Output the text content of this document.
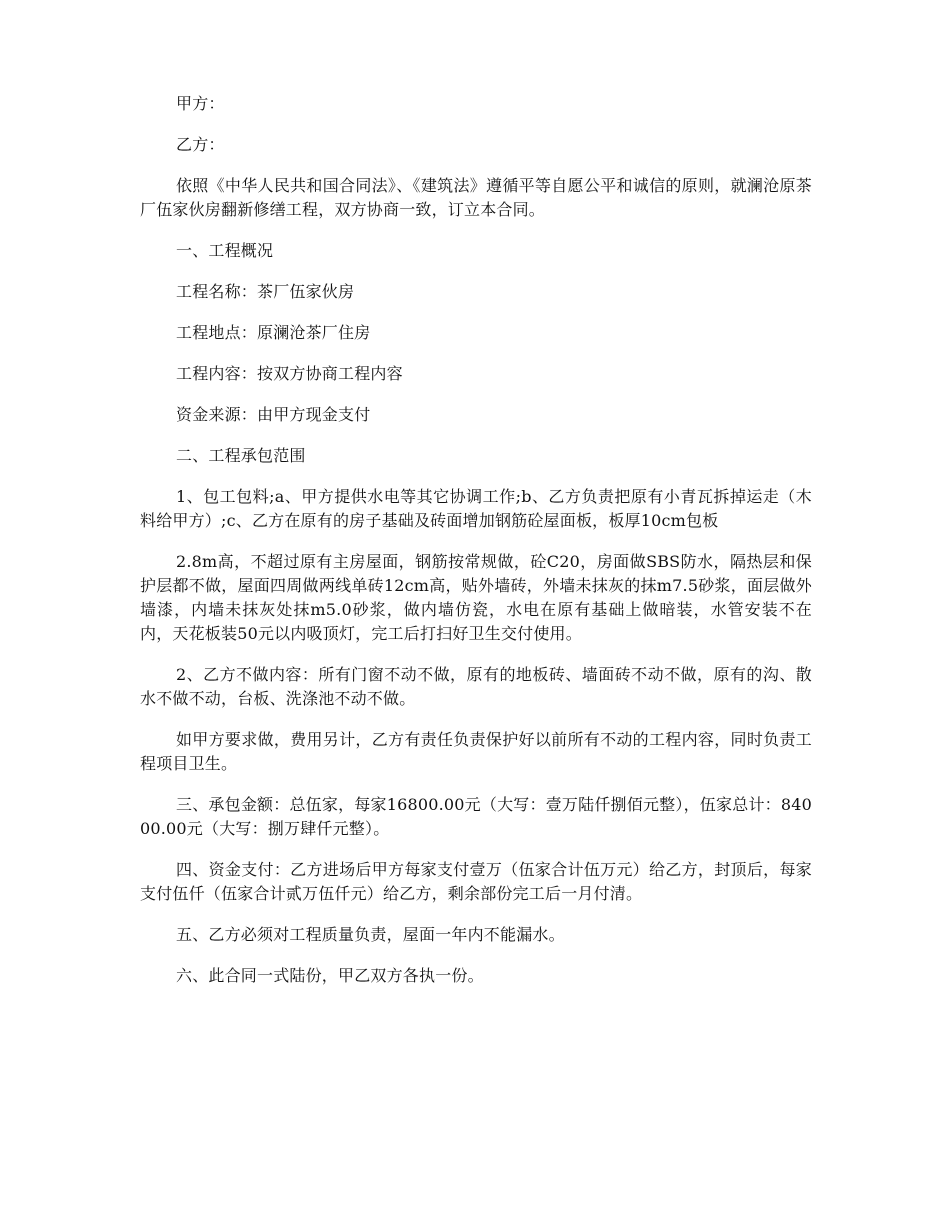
甲方：

乙方：

依照《中华人民共和国合同法》、《建筑法》遵循平等自愿公平和诚信的原则，就澜沧原茶厂伍家伙房翻新修缮工程，双方协商一致，订立本合同。

一、工程概况

工程名称：茶厂伍家伙房

工程地点：原澜沧茶厂住房

工程内容：按双方协商工程内容

资金来源：由甲方现金支付

二、工程承包范围

1、包工包料;a、甲方提供水电等其它协调工作;b、乙方负责把原有小青瓦拆掉运走（木料给甲方）;c、乙方在原有的房子基础及砖面增加钢筋砼屋面板，板厚10cm包板

2.8m高，不超过原有主房屋面，钢筋按常规做，砼C20，房面做SBS防水，隔热层和保护层都不做，屋面四周做两线单砖12cm高，贴外墙砖，外墙未抹灰的抹m7.5砂浆，面层做外墙漆，内墙未抹灰处抹m5.0砂浆，做内墙仿瓷，水电在原有基础上做暗装，水管安装不在内，天花板装50元以内吸顶灯，完工后打扫好卫生交付使用。

2、乙方不做内容：所有门窗不动不做，原有的地板砖、墙面砖不动不做，原有的沟、散水不做不动，台板、洗涤池不动不做。

如甲方要求做，费用另计，乙方有责任负责保护好以前所有不动的工程内容，同时负责工程项目卫生。

三、承包金额：总伍家，每家16800.00元（大写：壹万陆仟捌佰元整），伍家总计：84000.00元（大写：捌万肆仟元整）。

四、资金支付：乙方进场后甲方每家支付壹万（伍家合计伍万元）给乙方，封顶后，每家支付伍仟（伍家合计贰万伍仟元）给乙方，剩余部份完工后一月付清。

五、乙方必须对工程质量负责，屋面一年内不能漏水。

六、此合同一式陆份，甲乙双方各执一份。
